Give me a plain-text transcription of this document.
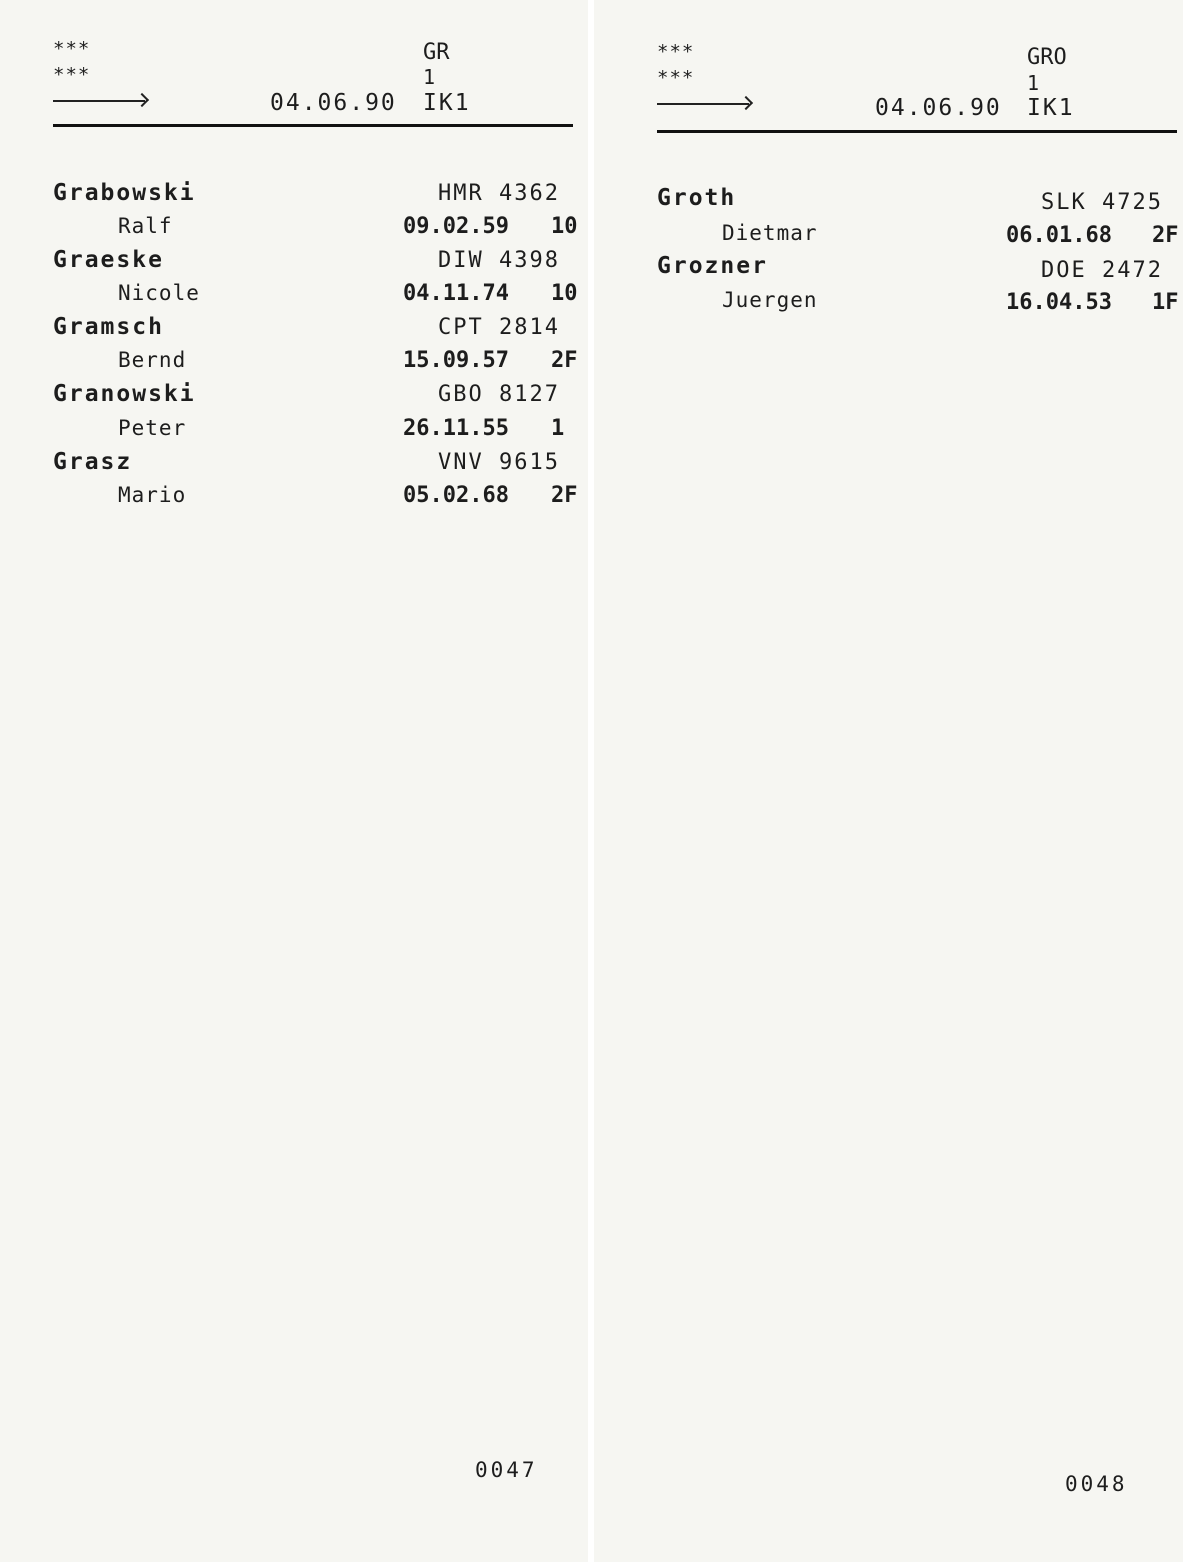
***
***
GR
1
04.06.90 IK1
Grabowski	HMR 4362
Ralf	09.02.59 10
Graeske	DIW 4398
Nicole	04.11.74 10
Gramsch	CPT 2814
Bernd	15.09.57 2F
Granowski	GBO 8127
Peter	26.11.55 1
Grasz	VNV 9615
Mario	05.02.68 2F
0047
***
***
GRO
1
04.06.90 IK1
Groth	SLK 4725
Dietmar	06.01.68 2F
Grozner	DOE 2472
Juergen	16.04.53 1F
0048
